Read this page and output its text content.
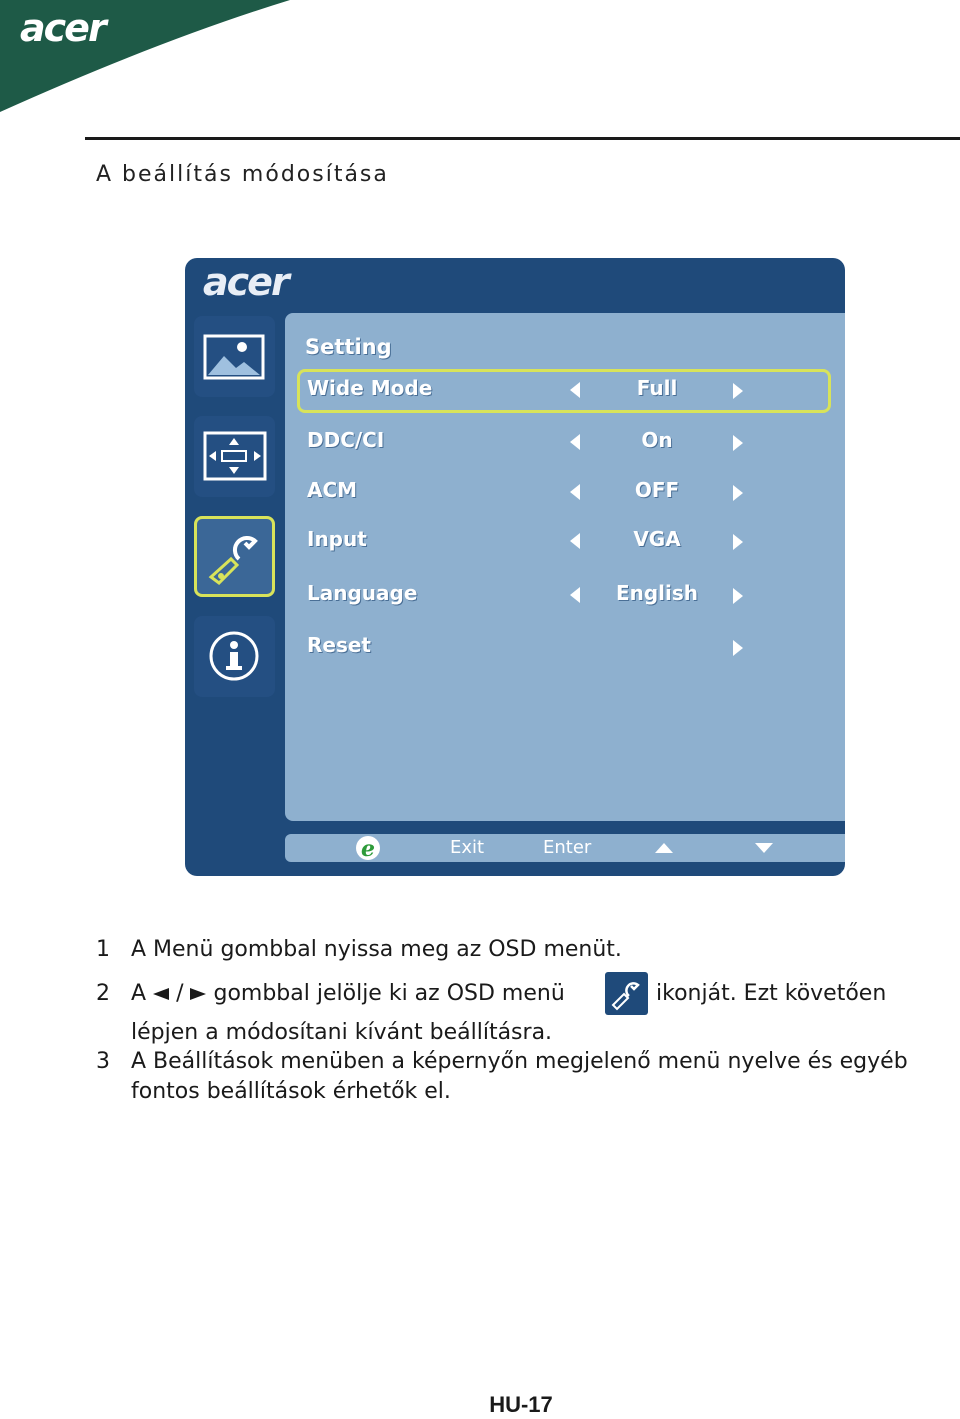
acer
A beállítás módosítása
acer
Setting
Wide Mode	Full
DDC/CI	On
ACM	OFF
Input	VGA
Language	English
Reset
e	Exit	Enter
1 A Menü gombbal nyissa meg az OSD menüt.
2 A / gombbal jelölje ki az OSD menü	ikonját. Ezt követően
lépjen a módosítani kívánt beállításra.
3 A Beállítások menüben a képernyőn megjelenő menü nyelve és egyéb
fontos beállítások érhetők el.
HU-17
